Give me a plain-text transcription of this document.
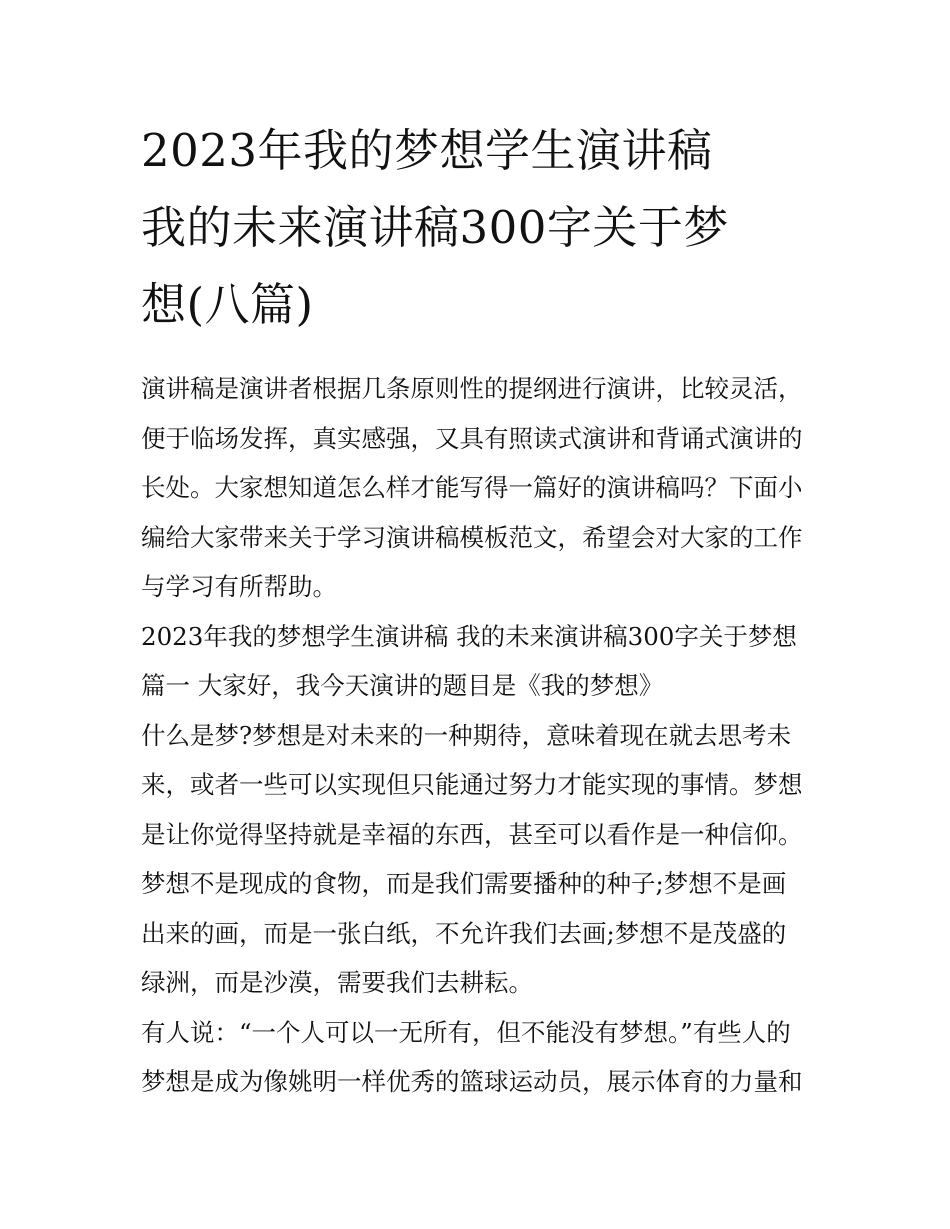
2023年我的梦想学生演讲稿
我的未来演讲稿300字关于梦
想(八篇)

演讲稿是演讲者根据几条原则性的提纲进行演讲，比较灵活，
便于临场发挥，真实感强，又具有照读式演讲和背诵式演讲的
长处。大家想知道怎么样才能写得一篇好的演讲稿吗？下面小
编给大家带来关于学习演讲稿模板范文，希望会对大家的工作
与学习有所帮助。

2023年我的梦想学生演讲稿 我的未来演讲稿300字关于梦想
篇一 大家好，我今天演讲的题目是《我的梦想》

什么是梦?梦想是对未来的一种期待，意味着现在就去思考未
来，或者一些可以实现但只能通过努力才能实现的事情。梦想
是让你觉得坚持就是幸福的东西，甚至可以看作是一种信仰。
梦想不是现成的食物，而是我们需要播种的种子;梦想不是画
出来的画，而是一张白纸，不允许我们去画;梦想不是茂盛的
绿洲，而是沙漠，需要我们去耕耘。

有人说：“一个人可以一无所有，但不能没有梦想。”有些人的
梦想是成为像姚明一样优秀的篮球运动员，展示体育的力量和
